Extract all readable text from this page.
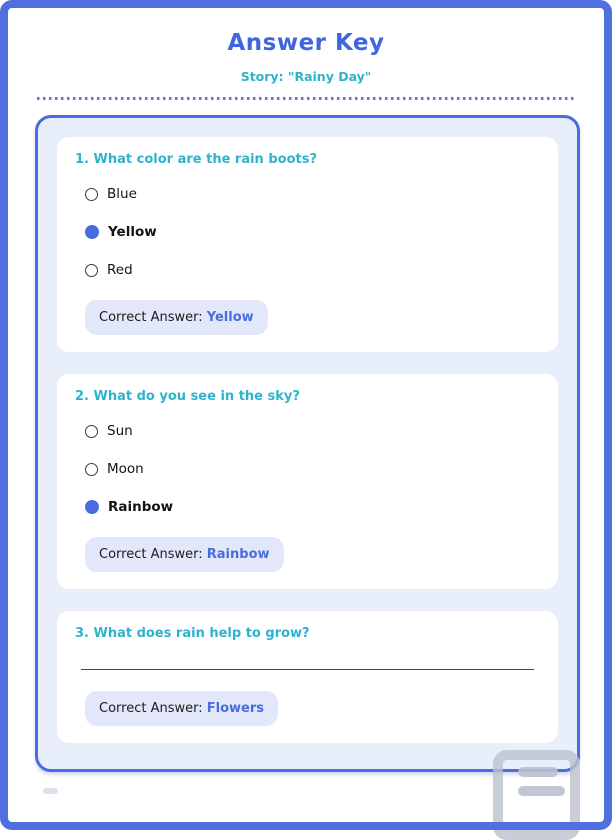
Answer Key
Story: "Rainy Day"
1. What color are the rain boots?
Blue
Yellow
Red
Correct Answer: Yellow
2. What do you see in the sky?
Sun
Moon
Rainbow
Correct Answer: Rainbow
3. What does rain help to grow?
Correct Answer: Flowers
